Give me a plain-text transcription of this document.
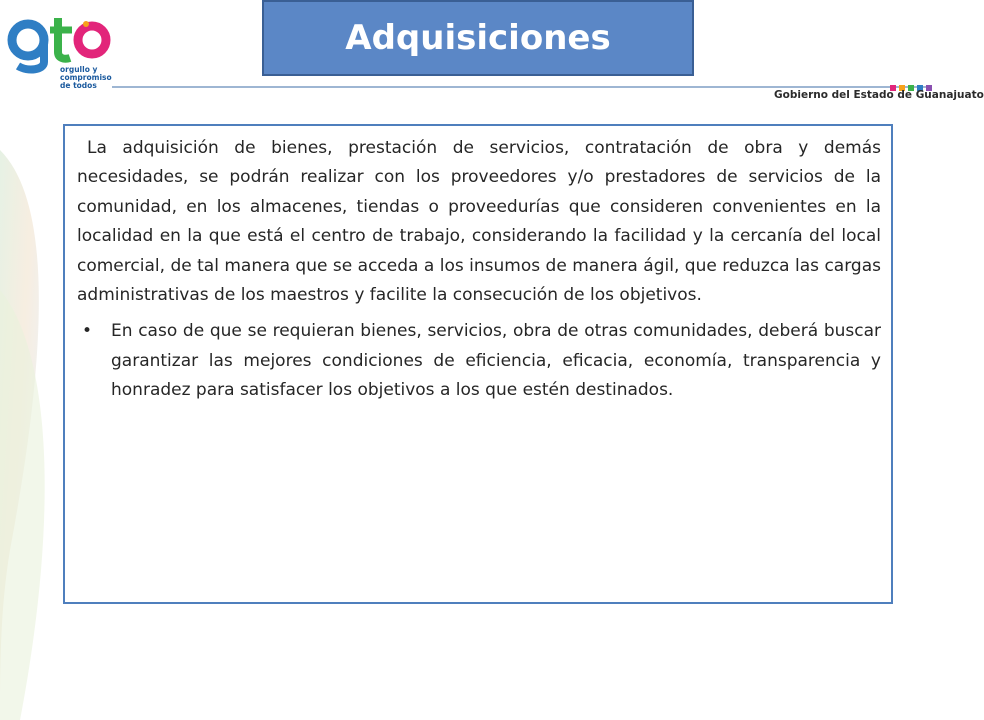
orgullo y compromiso de todos
Adquisiciones
Gobierno del Estado de Guanajuato

La adquisición de bienes, prestación de servicios, contratación de obra y demás necesidades, se podrán realizar con los proveedores y/o prestadores de servicios de la comunidad, en los almacenes, tiendas o proveedurías que consideren convenientes en la localidad en la que está el centro de trabajo, considerando la facilidad y la cercanía del local comercial, de tal manera que se acceda a los insumos de manera ágil, que reduzca las cargas administrativas de los maestros y facilite la consecución de los objetivos.

• En caso de que se requieran bienes, servicios, obra de otras comunidades, deberá buscar garantizar las mejores condiciones de eficiencia, eficacia, economía, transparencia y honradez para satisfacer los objetivos a los que estén destinados.
